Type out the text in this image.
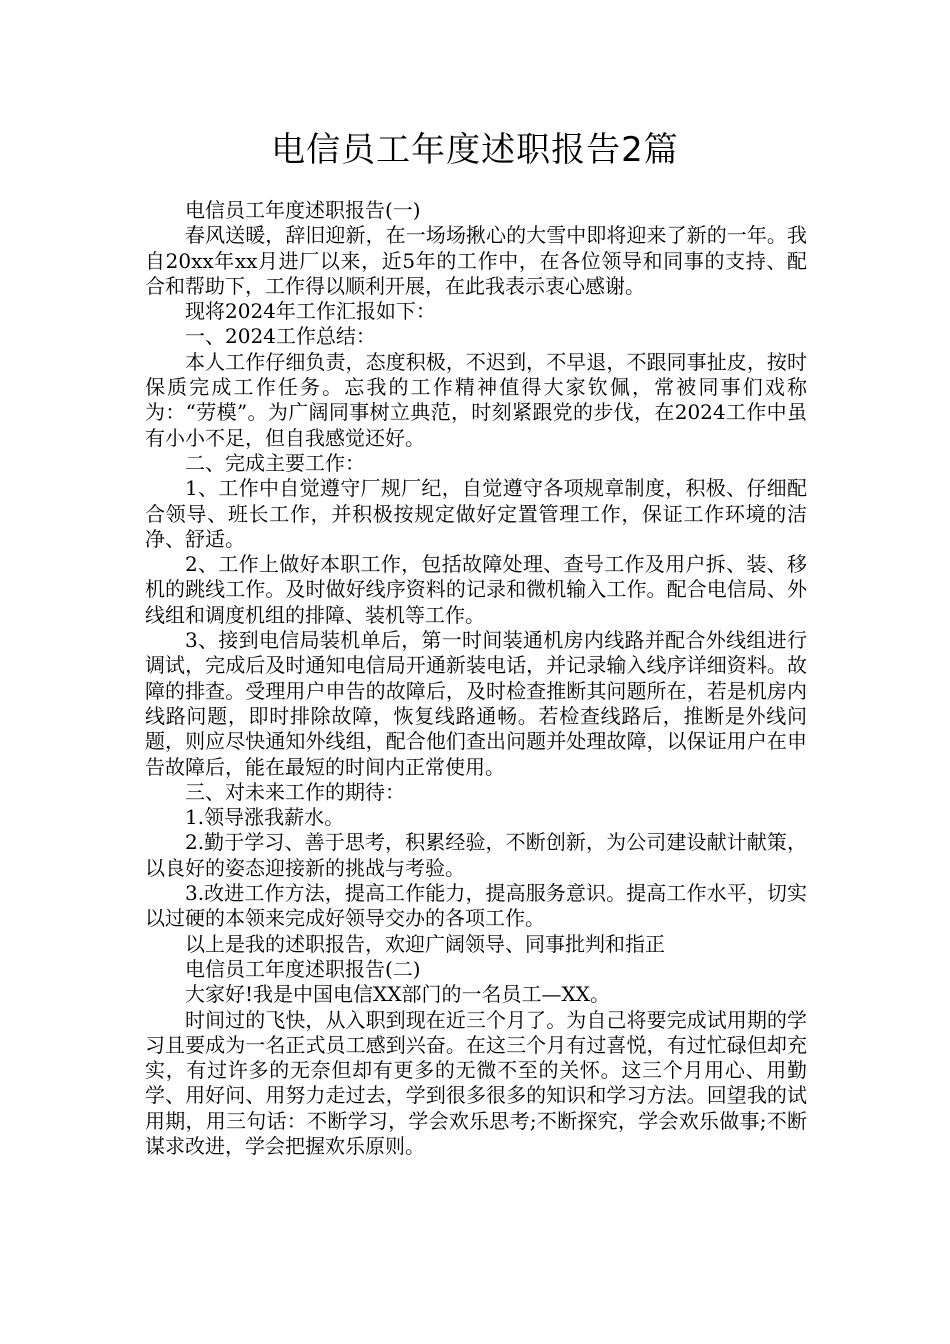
电信员工年度述职报告2篇

电信员工年度述职报告(一)

春风送暖，辞旧迎新，在一场场揪心的大雪中即将迎来了新的一年。我自20xx年xx月进厂以来，近5年的工作中，在各位领导和同事的支持、配合和帮助下，工作得以顺利开展，在此我表示衷心感谢。

现将2024年工作汇报如下：

一、2024工作总结：

本人工作仔细负责，态度积极，不迟到，不早退，不跟同事扯皮，按时保质完成工作任务。忘我的工作精神值得大家钦佩，常被同事们戏称为：“劳模”。为广阔同事树立典范，时刻紧跟党的步伐，在2024工作中虽有小小不足，但自我感觉还好。

二、完成主要工作：

1、工作中自觉遵守厂规厂纪，自觉遵守各项规章制度，积极、仔细配合领导、班长工作，并积极按规定做好定置管理工作，保证工作环境的洁净、舒适。

2、工作上做好本职工作，包括故障处理、查号工作及用户拆、装、移机的跳线工作。及时做好线序资料的记录和微机输入工作。配合电信局、外线组和调度机组的排障、装机等工作。

3、接到电信局装机单后，第一时间装通机房内线路并配合外线组进行调试，完成后及时通知电信局开通新装电话，并记录输入线序详细资料。故障的排查。受理用户申告的故障后，及时检查推断其问题所在，若是机房内线路问题，即时排除故障，恢复线路通畅。若检查线路后，推断是外线问题，则应尽快通知外线组，配合他们查出问题并处理故障，以保证用户在申告故障后，能在最短的时间内正常使用。

三、对未来工作的期待：

1.领导涨我薪水。

2.勤于学习、善于思考，积累经验，不断创新，为公司建设献计献策，以良好的姿态迎接新的挑战与考验。

3.改进工作方法，提高工作能力，提高服务意识。提高工作水平，切实以过硬的本领来完成好领导交办的各项工作。

以上是我的述职报告，欢迎广阔领导、同事批判和指正

电信员工年度述职报告(二)

大家好!我是中国电信XX部门的一名员工—XX。

时间过的飞快，从入职到现在近三个月了。为自己将要完成试用期的学习且要成为一名正式员工感到兴奋。在这三个月有过喜悦，有过忙碌但却充实，有过许多的无奈但却有更多的无微不至的关怀。这三个月用心、用勤学、用好问、用努力走过去，学到很多很多的知识和学习方法。回望我的试用期，用三句话：不断学习，学会欢乐思考;不断探究，学会欢乐做事;不断谋求改进，学会把握欢乐原则。
